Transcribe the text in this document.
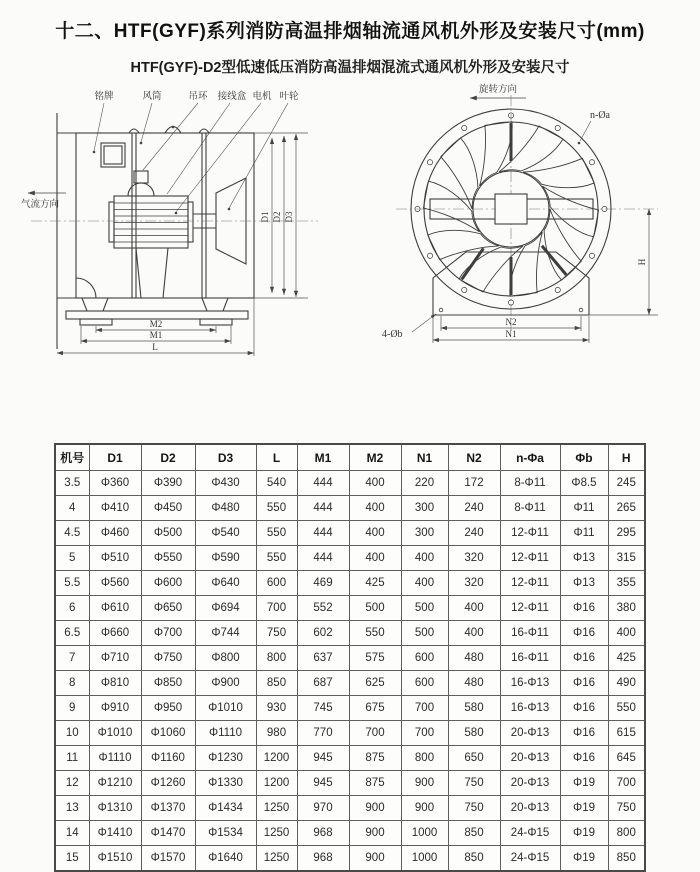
十二、HTF(GYF)系列消防高温排烟轴流通风机外形及安装尺寸(mm)
HTF(GYF)-D2型低速低压消防高温排烟混流式通风机外形及安装尺寸
铭牌	风筒	吊环 接线盒 电机 叶轮
气流方向
D1 D2 D3
M2
M1
L
旋转方向
n-Øa
4-Øb
N2
N1
H
机号	D1	D2	D3	L	M1	M2	N1	N2	n-Φa	Φb	H
3.5	Φ360	Φ390	Φ430	540	444	400	220	172	8-Φ11	Φ8.5	245
4	Φ410	Φ450	Φ480	550	444	400	300	240	8-Φ11	Φ11	265
4.5	Φ460	Φ500	Φ540	550	444	400	300	240	12-Φ11	Φ11	295
5	Φ510	Φ550	Φ590	550	444	400	400	320	12-Φ11	Φ13	315
5.5	Φ560	Φ600	Φ640	600	469	425	400	320	12-Φ11	Φ13	355
6	Φ610	Φ650	Φ694	700	552	500	500	400	12-Φ11	Φ16	380
6.5	Φ660	Φ700	Φ744	750	602	550	500	400	16-Φ11	Φ16	400
7	Φ710	Φ750	Φ800	800	637	575	600	480	16-Φ11	Φ16	425
8	Φ810	Φ850	Φ900	850	687	625	600	480	16-Φ13	Φ16	490
9	Φ910	Φ950	Φ1010	930	745	675	700	580	16-Φ13	Φ16	550
10	Φ1010	Φ1060	Φ1110	980	770	700	700	580	20-Φ13	Φ16	615
11	Φ1110	Φ1160	Φ1230	1200	945	875	800	650	20-Φ13	Φ16	645
12	Φ1210	Φ1260	Φ1330	1200	945	875	900	750	20-Φ13	Φ19	700
13	Φ1310	Φ1370	Φ1434	1250	970	900	900	750	20-Φ13	Φ19	750
14	Φ1410	Φ1470	Φ1534	1250	968	900	1000	850	24-Φ15	Φ19	800
15	Φ1510	Φ1570	Φ1640	1250	968	900	1000	850	24-Φ15	Φ19	850
